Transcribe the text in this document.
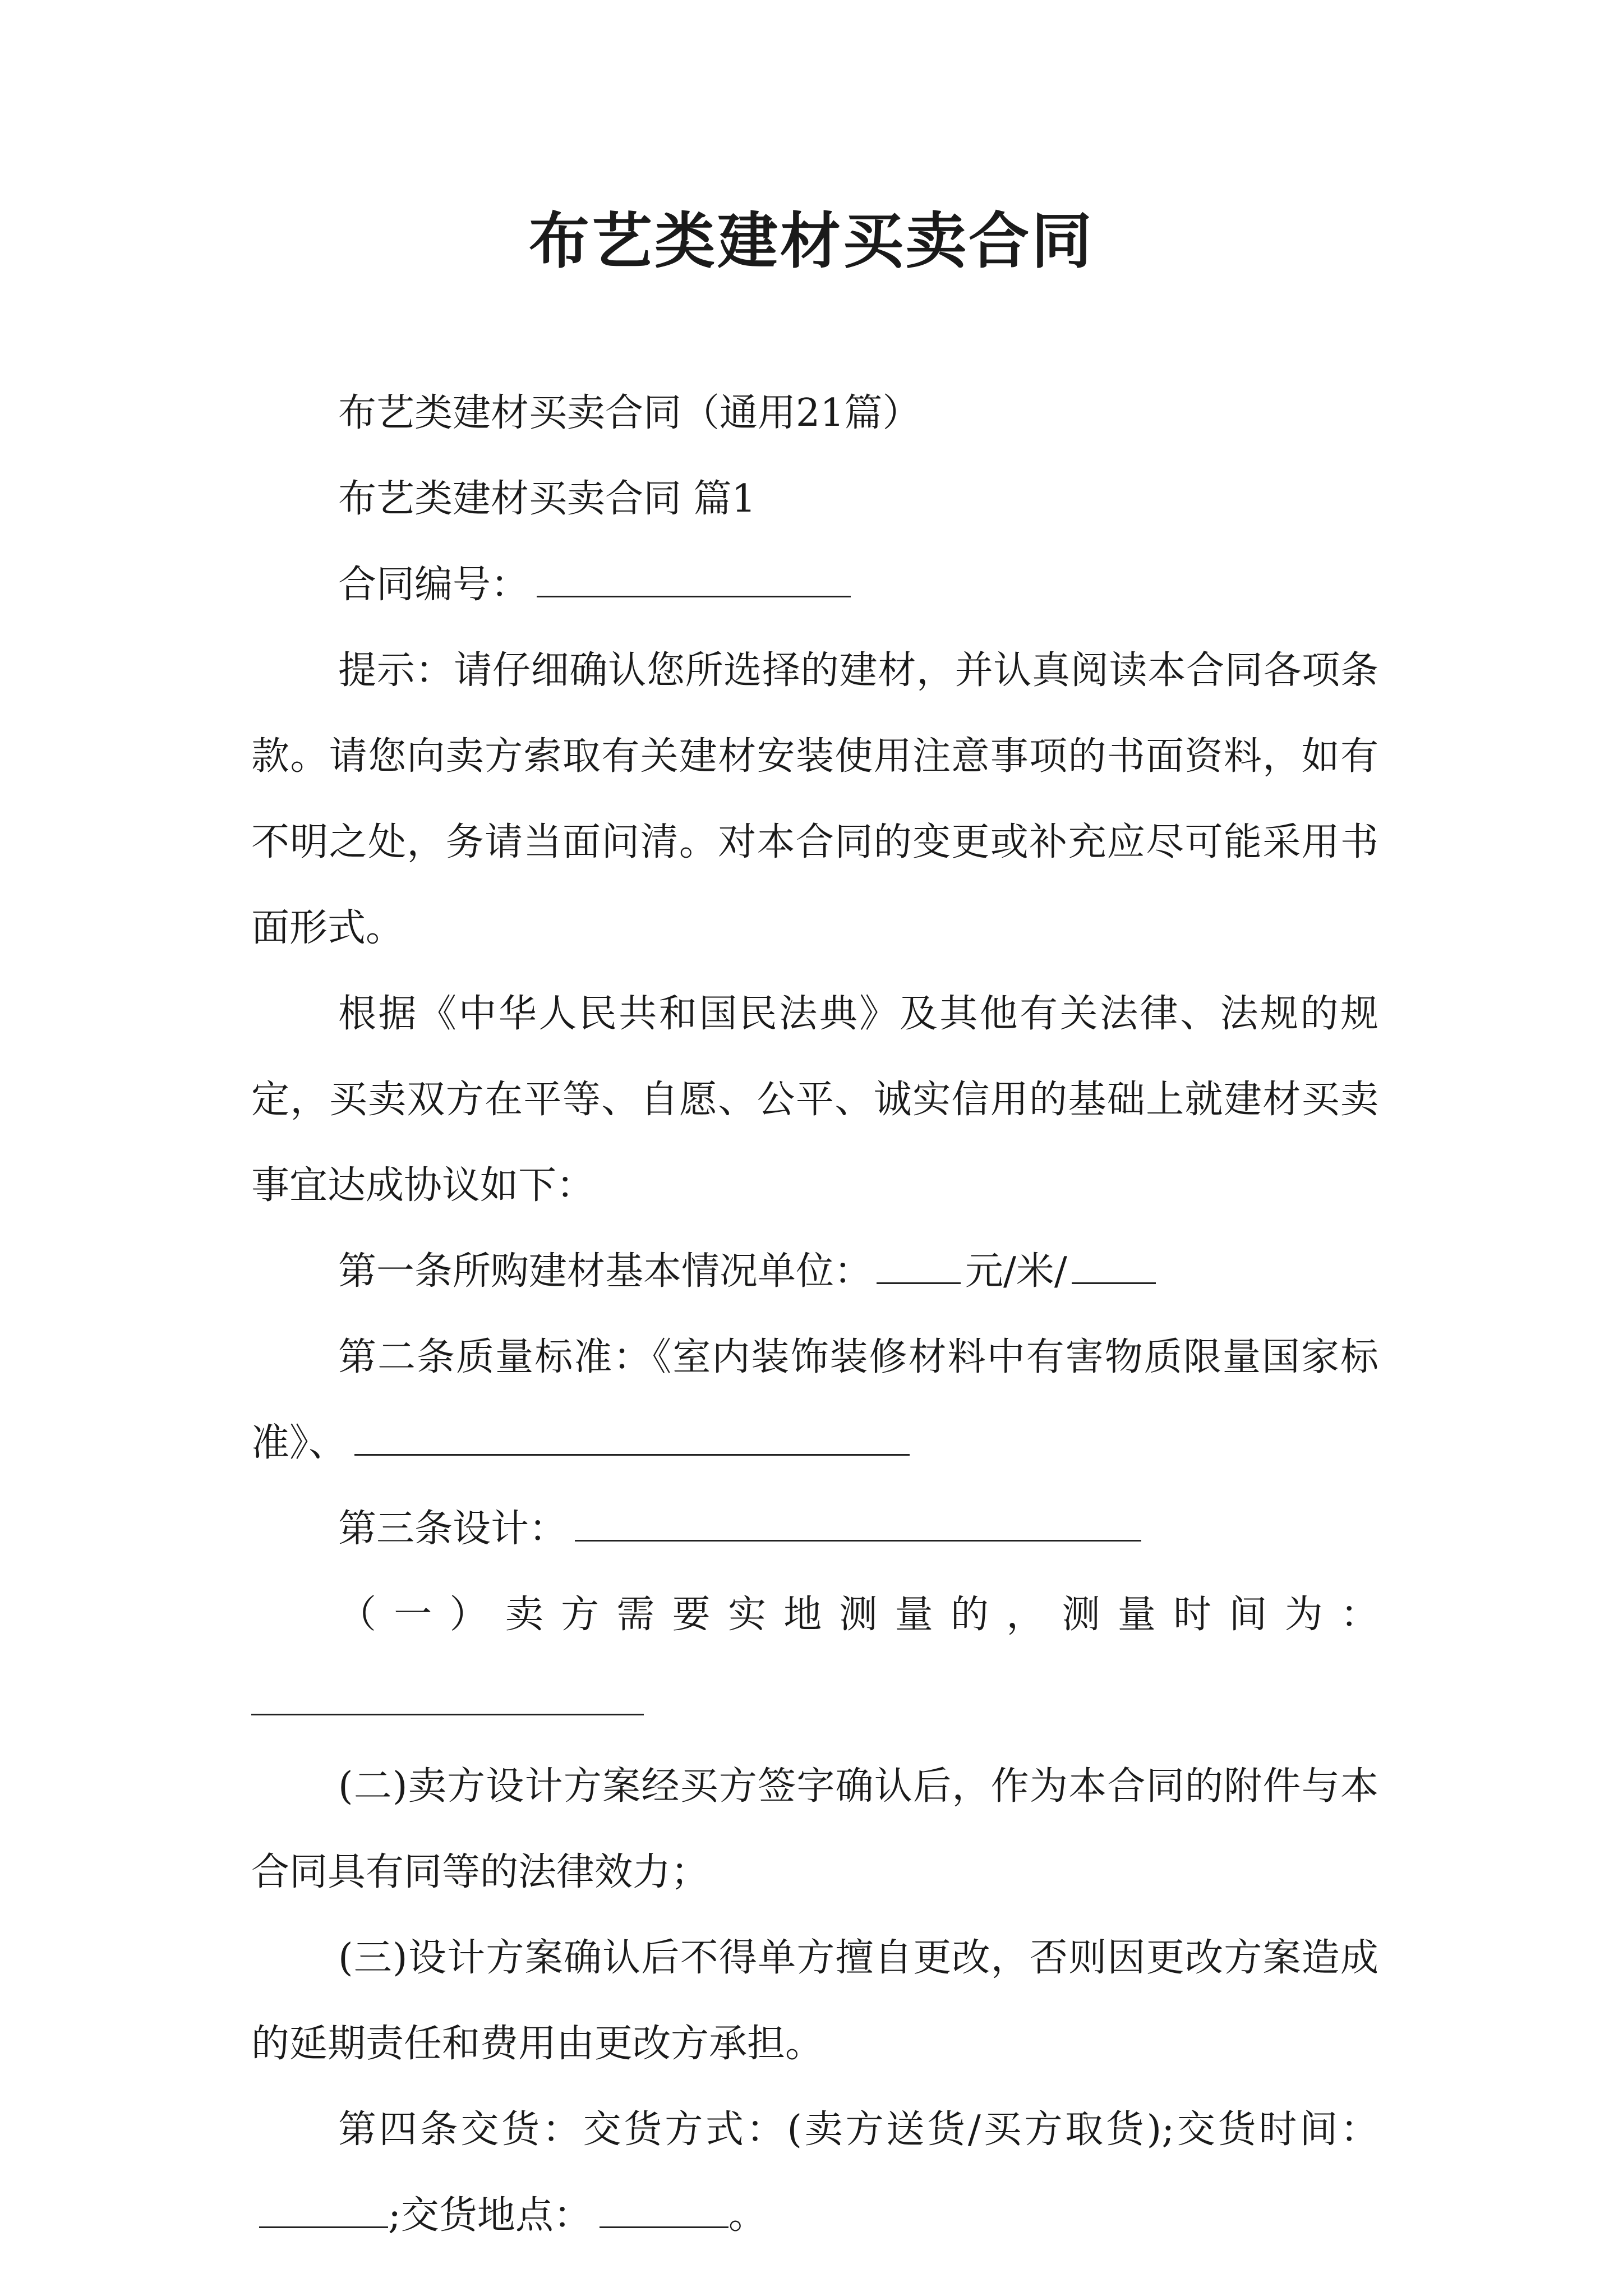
布艺类建材买卖合同

布艺类建材买卖合同（通用21篇）

布艺类建材买卖合同 篇1

合同编号：

提示：请仔细确认您所选择的建材，并认真阅读本合同各项条款。请您向卖方索取有关建材安装使用注意事项的书面资料，如有不明之处，务请当面问清。对本合同的变更或补充应尽可能采用书面形式。

根据《中华人民共和国民法典》及其他有关法律、法规的规定，买卖双方在平等、自愿、公平、诚实信用的基础上就建材买卖事宜达成协议如下：

第一条所购建材基本情况单位： 元/米/

第二条质量标准：《室内装饰装修材料中有害物质限量国家标准》、

第三条设计：

（一）卖方需要实地测量的，测量时间为：

(二)卖方设计方案经买方签字确认后，作为本合同的附件与本合同具有同等的法律效力；

(三)设计方案确认后不得单方擅自更改，否则因更改方案造成的延期责任和费用由更改方承担。

第四条交货：交货方式：(卖方送货/买方取货);交货时间：;交货地点：	。
